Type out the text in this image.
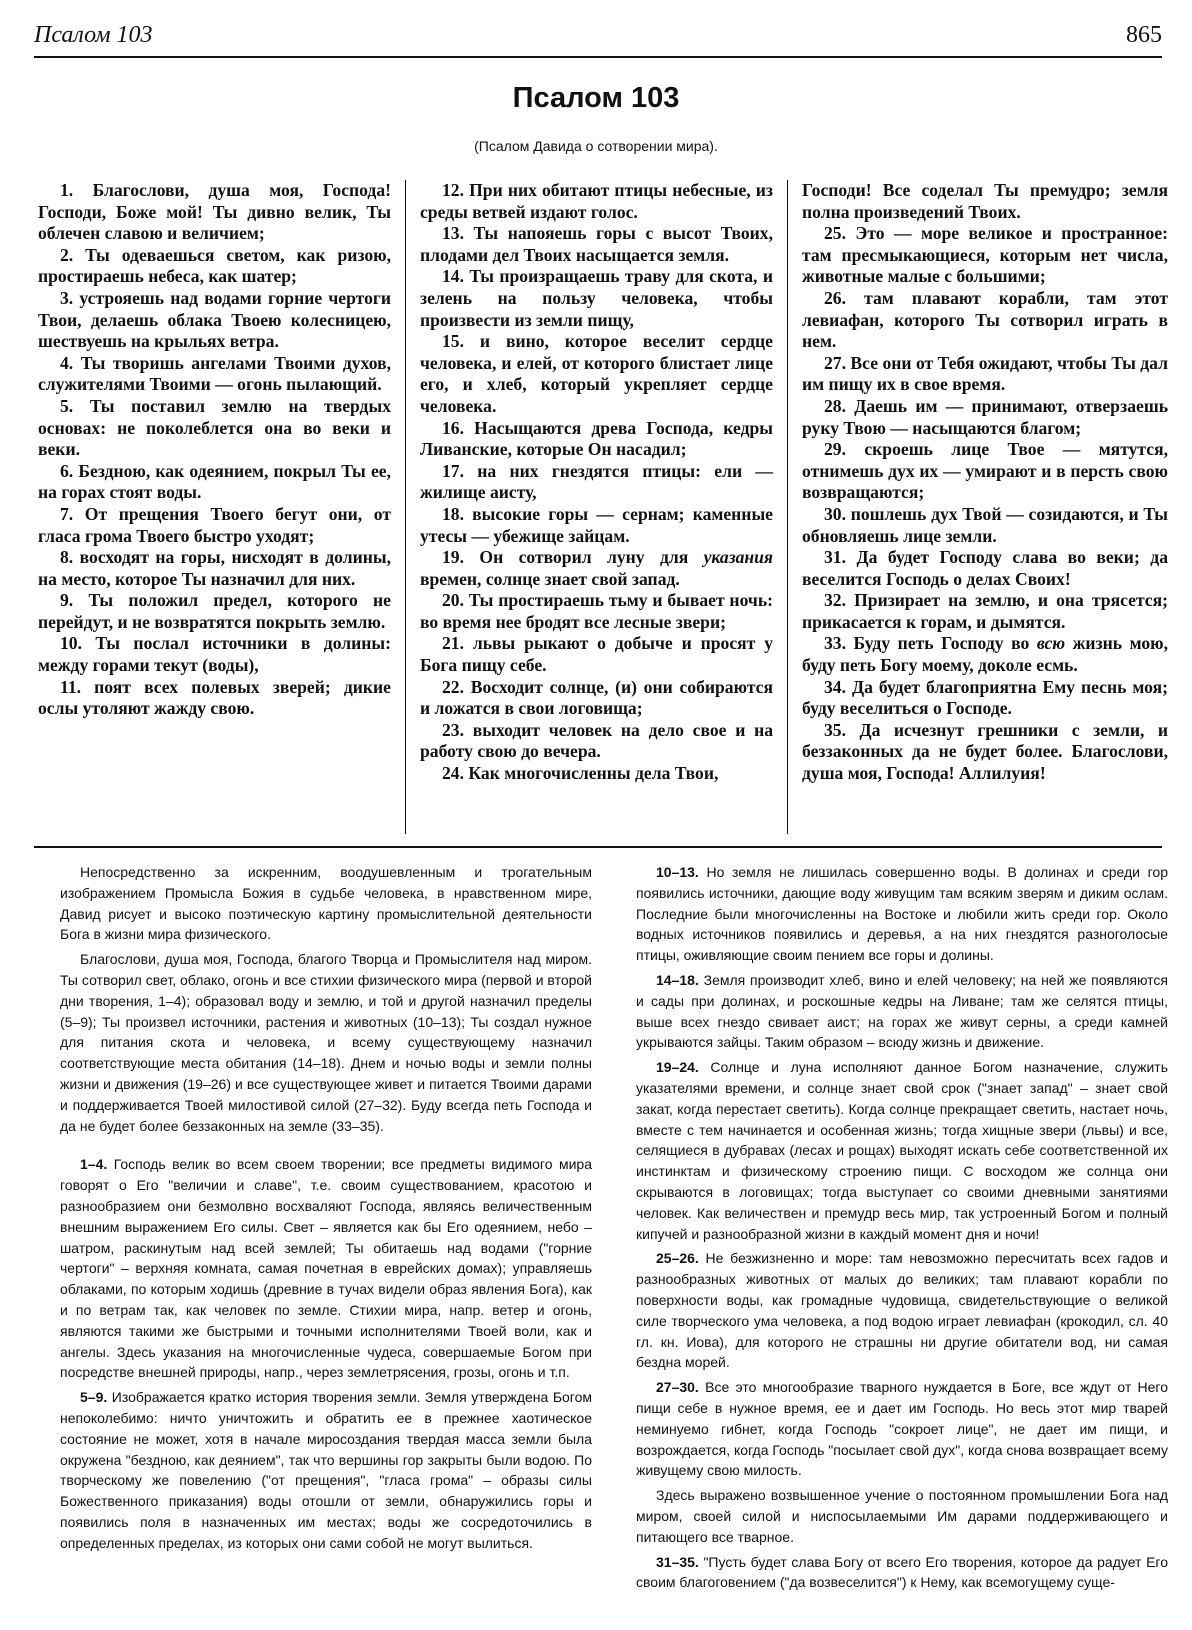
Псалом 103	865
Псалом 103
(Псалом Давида о сотворении мира).

1. Благослови, душа моя, Господа! Господи, Боже мой! Ты дивно велик, Ты облечен славою и величием;

2. Ты одеваешься светом, как ризою, простираешь небеса, как шатер;

3. устрояешь над водами горние чертоги Твои, делаешь облака Твоею колесницею, шествуешь на крыльях ветра.

4. Ты творишь ангелами Твоими духов, служителями Твоими — огонь пылающий.

5. Ты поставил землю на твердых основах: не поколеблется она во веки и веки.

6. Безднoю, как одеянием, покрыл Ты ее, на горах стоят воды.

7. От прещения Твоего бегут они, от гласа грома Твоего быстро уходят;

8. восходят на горы, нисходят в долины, на место, которое Ты назначил для них.

9. Ты положил предел, которого не перейдут, и не возвратятся покрыть землю.

10. Ты послал источники в долины: между горами текут (воды),

11. поят всех полевых зверей; дикие ослы утоляют жажду свою.

12. При них обитают птицы небесные, из среды ветвей издают голос.

13. Ты напояешь горы с высот Твоих, плодами дел Твоих насыщается земля.

14. Ты произращаешь траву для скота, и зелень на пользу человека, чтобы произвести из земли пищу,

15. и вино, которое веселит сердце человека, и елей, от которого блистает лице его, и хлеб, который укрепляет сердце человека.

16. Насыщаются древа Господа, кедры Ливанские, которые Он насадил;

17. на них гнездятся птицы: ели — жилище аисту,

18. высокие горы — сернам; каменные утесы — убежище зайцам.

19. Он сотворил луну для указания времен, солнце знает свой запад.

20. Ты простираешь тьму и бывает ночь: во время нее бродят все лесные звери;

21. львы рыкают о добыче и просят у Бога пищу себе.

22. Восходит солнце, (и) они собираются и ложатся в свои логовища;

23. выходит человек на дело свое и на работу свою до вечера.

24. Как многочисленны дела Твои,

Господи! Все соделал Ты премудро; земля полна произведений Твоих.

25. Это — море великое и пространное: там пресмыкающиеся, которым нет числа, животные малые с большими;

26. там плавают корабли, там этот левиафан, которого Ты сотворил играть в нем.

27. Все они от Тебя ожидают, чтобы Ты дал им пищу их в свое время.

28. Даешь им — принимают, отверзаешь руку Твою — насыщаются благом;

29. скроешь лице Твое — мятутся, отнимешь дух их — умирают и в персть свою возвращаются;

30. пошлешь дух Твой — созидаются, и Ты обновляешь лице земли.

31. Да будет Господу слава во веки; да веселится Господь о делах Своих!

32. Призирает на землю, и она трясется; прикасается к горам, и дымятся.

33. Буду петь Господу во всю жизнь мою, буду петь Богу моему, доколе есмь.

34. Да будет благоприятна Ему песнь моя; буду веселиться о Господе.

35. Да исчезнут грешники с земли, и беззаконных да не будет более. Благослови, душа моя, Господа! Аллилуия!

Непосредственно за искренним, воодушевленным и трогательным изображением Промысла Божия в судьбе человека, в нравственном мире, Давид рисует и высоко поэтическую картину промыслительной деятельности Бога в жизни мира физического.

Благослови, душа моя, Господа, благого Творца и Промыслителя над миром. Ты сотворил свет, облако, огонь и все стихии физического мира (первой и второй дни творения, 1–4); образовал воду и землю, и той и другой назначил пределы (5–9); Ты произвел источники, растения и животных (10–13); Ты создал нужное для питания скота и человека, и всему существующему назначил соответствующие места обитания (14–18). Днем и ночью воды и земли полны жизни и движения (19–26) и все существующее живет и питается Твоими дарами и поддерживается Твоей милостивой силой (27–32). Буду всегда петь Господа и да не будет более беззаконных на земле (33–35).

1–4. Господь велик во всем своем творении; все предметы видимого мира говорят о Его "величии и славе", т.е. своим существованием, красотою и разнообразием они безмолвно восхваляют Господа, являясь величественным внешним выражением Его силы. Свет – является как бы Его одеянием, небо – шатром, раскинутым над всей землей; Ты обитаешь над водами ("горние чертоги" – верхняя комната, самая почетная в еврейских домах); управляешь облаками, по которым ходишь (древние в тучах видели образ явления Бога), как и по ветрам так, как человек по земле. Стихии мира, напр. ветер и огонь, являются такими же быстрыми и точными исполнителями Твоей воли, как и ангелы. Здесь указания на многочисленные чудеса, совершаемые Богом при посредстве внешней природы, напр., через землетрясения, грозы, огонь и т.п.

5–9. Изображается кратко история творения земли. Земля утверждена Богом непоколебимо: ничто уничтожить и обратить ее в прежнее хаотическое состояние не может, хотя в начале миросоздания твердая масса земли была окружена "бездною, как деянием", так что вершины гор закрыты были водою. По творческому же повелению ("от прещения", "гласа грома" – образы силы Божественного приказания) воды отошли от земли, обнаружились горы и появились поля в назначенных им местах; воды же сосредоточились в определенных пределах, из которых они сами собой не могут вылиться.

10–13. Но земля не лишилась совершенно воды. В долинах и среди гор появились источники, дающие воду живущим там всяким зверям и диким ослам. Последние были многочисленны на Востоке и любили жить среди гор. Около водных источников появились и деревья, а на них гнездятся разноголосые птицы, оживляющие своим пением все горы и долины.

14–18. Земля производит хлеб, вино и елей человеку; на ней же появляются и сады при долинах, и роскошные кедры на Ливане; там же селятся птицы, выше всех гнездо свивает аист; на горах же живут серны, а среди камней укрываются зайцы. Таким образом – всюду жизнь и движение.

19–24. Солнце и луна исполняют данное Богом назначение, служить указателями времени, и солнце знает свой срок ("знает запад" – знает свой закат, когда перестает светить). Когда солнце прекращает светить, настает ночь, вместе с тем начинается и особенная жизнь; тогда хищные звери (львы) и все, селящиеся в дубравах (лесах и рощах) выходят искать себе соответственной их инстинктам и физическому строению пищи. С восходом же солнца они скрываются в логовищах; тогда выступает со своими дневными занятиями человек. Как величествен и премудр весь мир, так устроенный Богом и полный кипучей и разнообразной жизни в каждый момент дня и ночи!

25–26. Не безжизненно и море: там невозможно пересчитать всех гадов и разнообразных животных от малых до великих; там плавают корабли по поверхности воды, как громадные чудовища, свидетельствующие о великой силе творческого ума человека, а под водою играет левиафан (крокодил, сл. 40 гл. кн. Иова), для которого не страшны ни другие обитатели вод, ни самая бездна морей.

27–30. Все это многообразие тварного нуждается в Боге, все ждут от Него пищи себе в нужное время, ее и дает им Господь. Но весь этот мир тварей неминуемо гибнет, когда Господь "сокроет лице", не дает им пищи, и возрождается, когда Господь "посылает свой дух", когда снова возвращает всему живущему свою милость.

Здесь выражено возвышенное учение о постоянном промышлении Бога над миром, своей силой и ниспосылаемыми Им дарами поддерживающего и питающего все тварное.

31–35. "Пусть будет слава Богу от всего Его творения, которое да радует Его своим благоговением ("да возвеселится") к Нему, как всемогущему суще-
